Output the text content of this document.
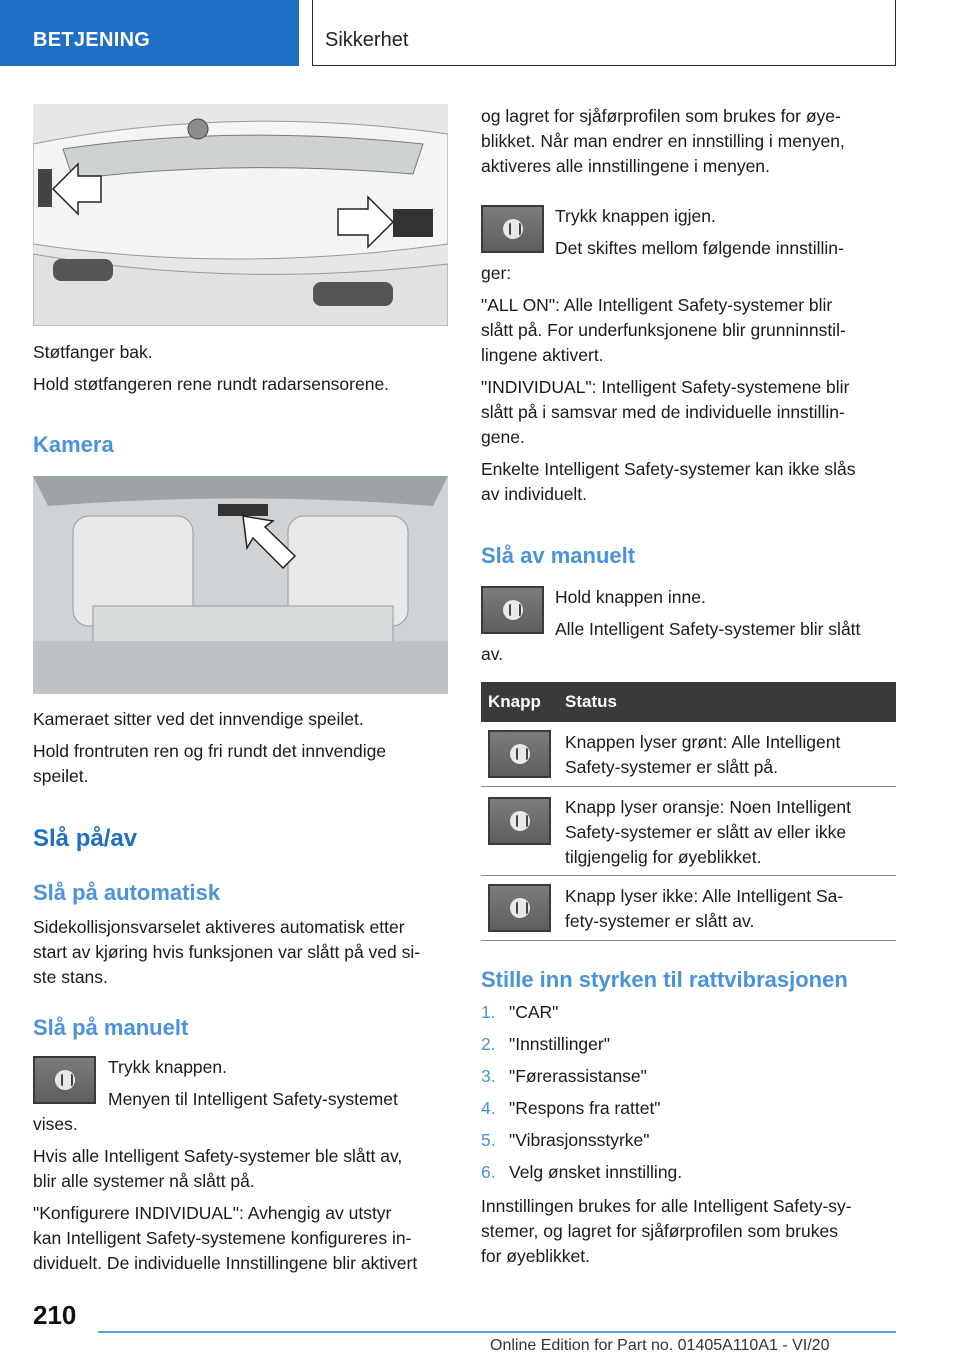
BETJENING	Sikkerhet

Støtfanger bak.

Hold støtfangeren rene rundt radarsensorene.

Kamera

Kameraet sitter ved det innvendige speilet.

Hold frontruten ren og fri rundt det innvendige

speilet.

Slå på/av

Slå på automatisk

Sidekollisjonsvarselet aktiveres automatisk etter

start av kjøring hvis funksjonen var slått på ved si-

ste stans.

Slå på manuelt

Trykk knappen.

Menyen til Intelligent Safety-systemet

vises.

Hvis alle Intelligent Safety-systemer ble slått av,

blir alle systemer nå slått på.

"Konfigurere INDIVIDUAL": Avhengig av utstyr

kan Intelligent Safety-systemene konfigureres in-

dividuelt. De individuelle Innstillingene blir aktivert

og lagret for sjåførprofilen som brukes for øye-

blikket. Når man endrer en innstilling i menyen,

aktiveres alle innstillingene i menyen.

Trykk knappen igjen.

Det skiftes mellom følgende innstillin-

ger:

"ALL ON": Alle Intelligent Safety-systemer blir

slått på. For underfunksjonene blir grunninnstil-

lingene aktivert.

"INDIVIDUAL": Intelligent Safety-systemene blir

slått på i samsvar med de individuelle innstillin-

gene.

Enkelte Intelligent Safety-systemer kan ikke slås

av individuelt.

Slå av manuelt

Hold knappen inne.

Alle Intelligent Safety-systemer blir slått

av.

Knapp Status

Knappen lyser grønt: Alle Intelligent

Safety-systemer er slått på.

Knapp lyser oransje: Noen Intelligent

Safety-systemer er slått av eller ikke

tilgjengelig for øyeblikket.

Knapp lyser ikke: Alle Intelligent Sa-

fety-systemer er slått av.

Stille inn styrken til rattvibrasjonen

1. "CAR"
2. "Innstillinger"
3. "Førerassistanse"
4. "Respons fra rattet"
5. "Vibrasjonsstyrke"
6. Velg ønsket innstilling.

Innstillingen brukes for alle Intelligent Safety-sy-

stemer, og lagret for sjåførprofilen som brukes

for øyeblikket.

210
Online Edition for Part no. 01405A110A1 - VI/20
